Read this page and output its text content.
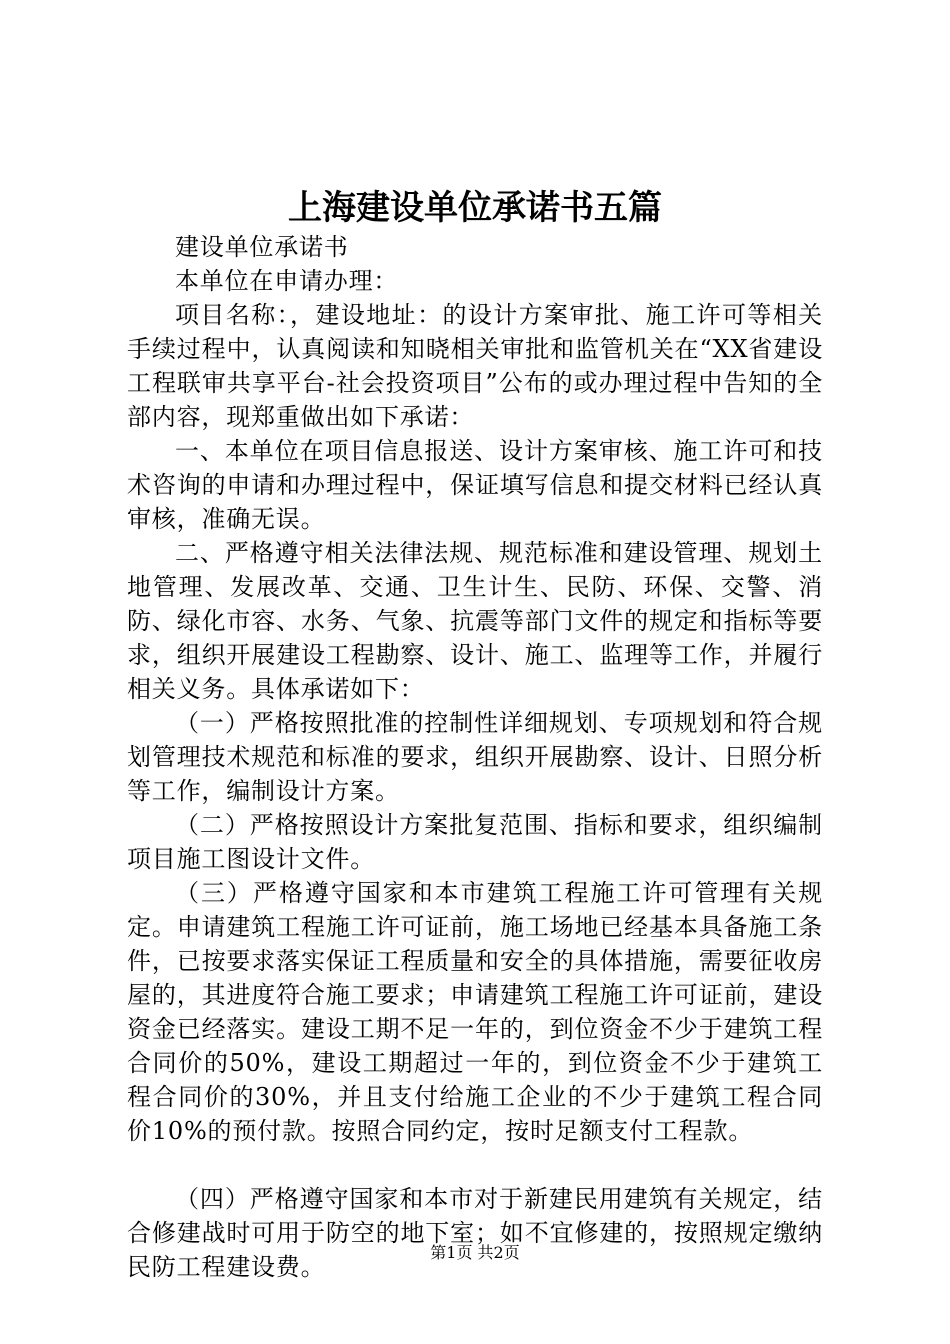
上海建设单位承诺书五篇

建设单位承诺书

本单位在申请办理：

项目名称：，建设地址：的设计方案审批、施工许可等相关手续过程中，认真阅读和知晓相关审批和监管机关在“XX省建设工程联审共享平台-社会投资项目”公布的或办理过程中告知的全部内容，现郑重做出如下承诺：

一、本单位在项目信息报送、设计方案审核、施工许可和技术咨询的申请和办理过程中，保证填写信息和提交材料已经认真审核，准确无误。

二、严格遵守相关法律法规、规范标准和建设管理、规划土地管理、发展改革、交通、卫生计生、民防、环保、交警、消防、绿化市容、水务、气象、抗震等部门文件的规定和指标等要求，组织开展建设工程勘察、设计、施工、监理等工作，并履行相关义务。具体承诺如下：

（一）严格按照批准的控制性详细规划、专项规划和符合规划管理技术规范和标准的要求，组织开展勘察、设计、日照分析等工作，编制设计方案。

（二）严格按照设计方案批复范围、指标和要求，组织编制项目施工图设计文件。

（三）严格遵守国家和本市建筑工程施工许可管理有关规定。申请建筑工程施工许可证前，施工场地已经基本具备施工条件，已按要求落实保证工程质量和安全的具体措施，需要征收房屋的，其进度符合施工要求；申请建筑工程施工许可证前，建设资金已经落实。建设工期不足一年的，到位资金不少于建筑工程合同价的50%，建设工期超过一年的，到位资金不少于建筑工程合同价的30%，并且支付给施工企业的不少于建筑工程合同价10%的预付款。按照合同约定，按时足额支付工程款。

（四）严格遵守国家和本市对于新建民用建筑有关规定，结合修建战时可用于防空的地下室；如不宜修建的，按照规定缴纳民防工程建设费。

第1页 共2页
